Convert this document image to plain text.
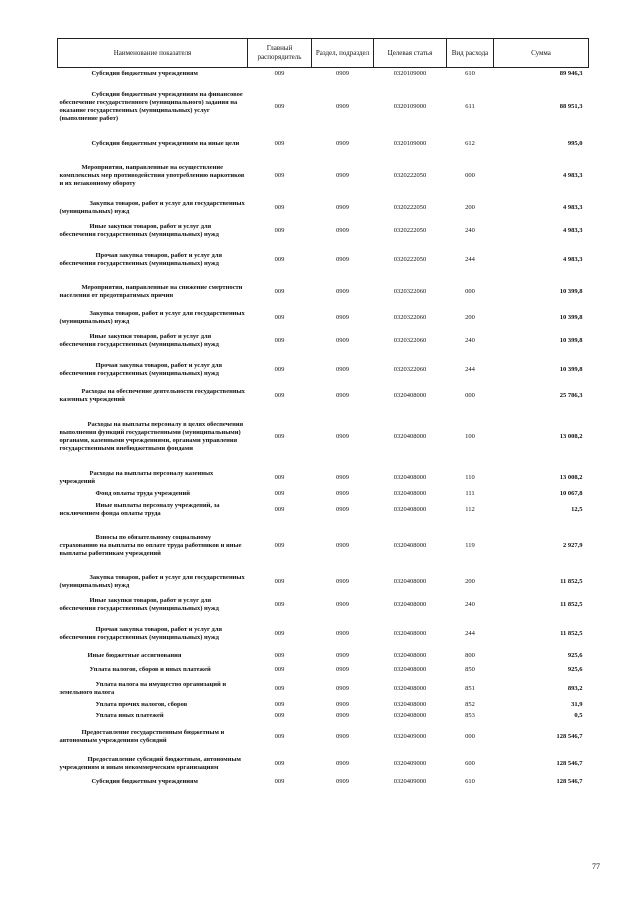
Наименование показателя	Главный распорядитель	Раздел, подраздел	Целевая статья	Вид расхода	Сумма

Субсидии бюджетным учреждениям	009	0909	0320109000	610	89 946,3

Субсидии бюджетным учреждениям на финансовое обеспечение государственного (муниципального) задания на оказание государственных (муниципальных) услуг (выполнение работ)	009	0909	0320109000	611	88 951,3

Субсидии бюджетным учреждениям на иные цели	009	0909	0320109000	612	995,0

Мероприятия, направленные на осуществление комплексных мер противодействия употреблению наркотиков и их незаконному обороту	009	0909	0320222050	000	4 983,3

Закупка товаров, работ и услуг для государственных (муниципальных) нужд	009	0909	0320222050	200	4 983,3

Иные закупки товаров, работ и услуг для обеспечения государственных (муниципальных) нужд	009	0909	0320222050	240	4 983,3

Прочая закупка товаров, работ и услуг для обеспечения государственных (муниципальных) нужд	009	0909	0320222050	244	4 983,3

Мероприятия, направленные на снижение смертности населения от предотвратимых причин	009	0909	0320322060	000	10 399,8

Закупка товаров, работ и услуг для государственных (муниципальных) нужд	009	0909	0320322060	200	10 399,8

Иные закупки товаров, работ и услуг для обеспечения государственных (муниципальных) нужд	009	0909	0320322060	240	10 399,8

Прочая закупка товаров, работ и услуг для обеспечения государственных (муниципальных) нужд	009	0909	0320322060	244	10 399,8

Расходы на обеспечение деятельности государственных казенных учреждений	009	0909	0320408000	000	25 786,3

Расходы на выплаты персоналу в целях обеспечения выполнения функций государственными (муниципальными) органами, казенными учреждениями, органами управления государственными внебюджетными фондами	009	0909	0320408000	100	13 008,2

Расходы на выплаты персоналу казенных учреждений	009	0909	0320408000	110	13 008,2

Фонд оплаты труда учреждений	009	0909	0320408000	111	10 067,8

Иные выплаты персоналу учреждений, за исключением фонда оплаты труда	009	0909	0320408000	112	12,5

Взносы по обязательному социальному страхованию на выплаты по оплате труда работников и иные выплаты работникам учреждений	009	0909	0320408000	119	2 927,9

Закупка товаров, работ и услуг для государственных (муниципальных) нужд	009	0909	0320408000	200	11 852,5

Иные закупки товаров, работ и услуг для обеспечения государственных (муниципальных) нужд	009	0909	0320408000	240	11 852,5

Прочая закупка товаров, работ и услуг для обеспечения государственных (муниципальных) нужд	009	0909	0320408000	244	11 852,5

Иные бюджетные ассигнования	009	0909	0320408000	800	925,6

Уплата налогов, сборов и иных платежей	009	0909	0320408000	850	925,6

Уплата налога на имущество организаций и земельного налога	009	0909	0320408000	851	893,2

Уплата прочих налогов, сборов	009	0909	0320408000	852	31,9

Уплата иных платежей	009	0909	0320408000	853	0,5

Предоставление государственным бюджетным и автономным учреждениям субсидий	009	0909	0320409000	000	128 546,7

Предоставление субсидий бюджетным, автономным учреждениям и иным некоммерческим организациям	009	0909	0320409000	600	128 546,7

Субсидии бюджетным учреждениям	009	0909	0320409000	610	128 546,7
77
